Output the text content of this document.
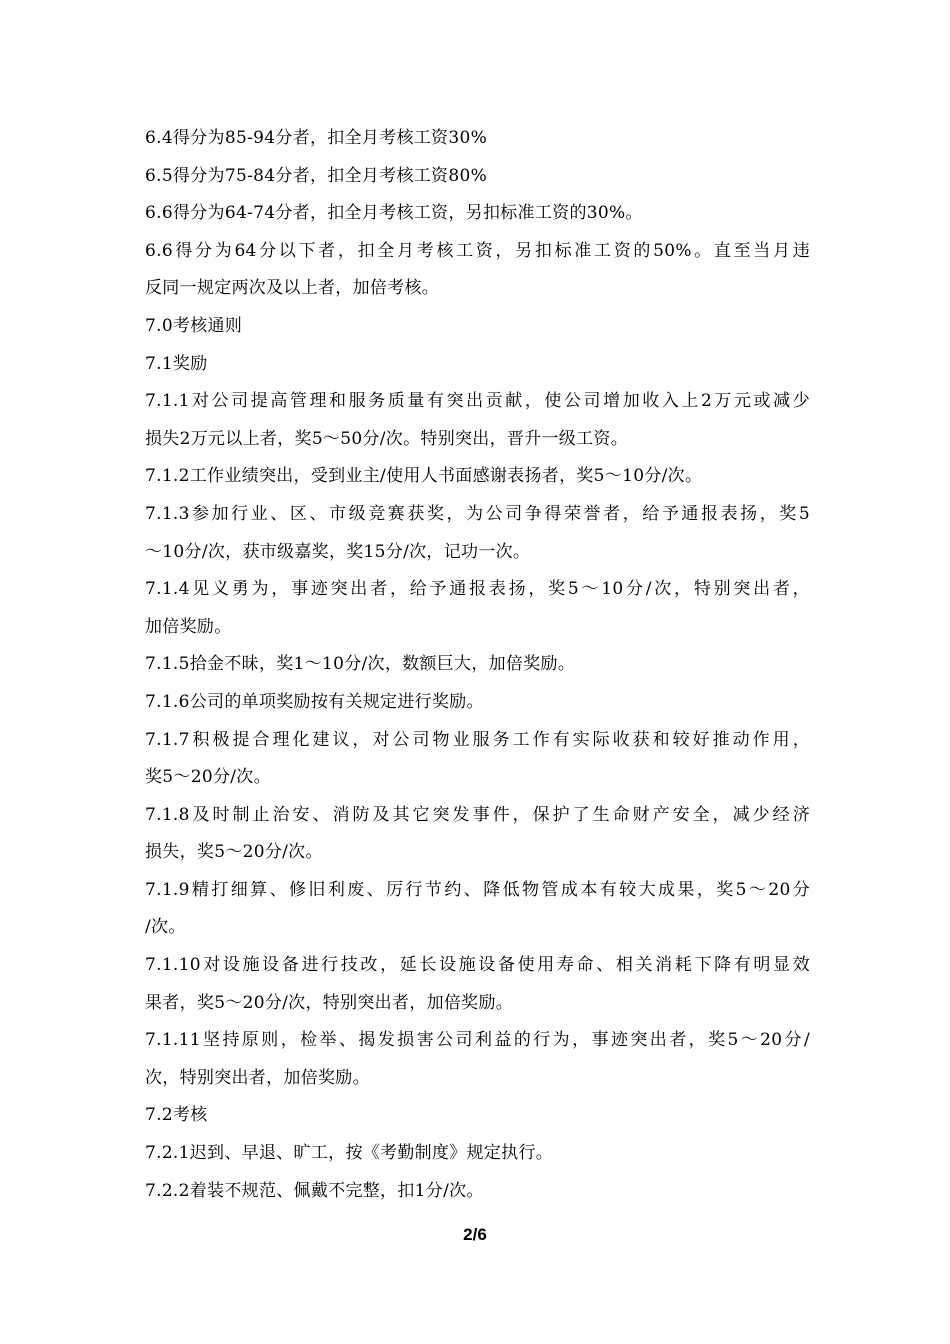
6.4得分为85-94分者，扣全月考核工资30%
6.5得分为75-84分者，扣全月考核工资80%
6.6得分为64-74分者，扣全月考核工资，另扣标准工资的30%。
6.6得分为64分以下者，扣全月考核工资，另扣标准工资的50%。直至当月违
反同一规定两次及以上者，加倍考核。
7.0考核通则
7.1奖励
7.1.1对公司提高管理和服务质量有突出贡献，使公司增加收入上2万元或减少
损失2万元以上者，奖5～50分/次。特别突出，晋升一级工资。
7.1.2工作业绩突出，受到业主/使用人书面感谢表扬者，奖5～10分/次。
7.1.3参加行业、区、市级竞赛获奖，为公司争得荣誉者，给予通报表扬，奖5
～10分/次，获市级嘉奖，奖15分/次，记功一次。
7.1.4见义勇为，事迹突出者，给予通报表扬，奖5～10分/次，特别突出者，
加倍奖励。
7.1.5拾金不昧，奖1～10分/次，数额巨大，加倍奖励。
7.1.6公司的单项奖励按有关规定进行奖励。
7.1.7积极提合理化建议，对公司物业服务工作有实际收获和较好推动作用，
奖5～20分/次。
7.1.8及时制止治安、消防及其它突发事件，保护了生命财产安全，减少经济
损失，奖5～20分/次。
7.1.9精打细算、修旧利废、厉行节约、降低物管成本有较大成果，奖5～20分
/次。
7.1.10对设施设备进行技改，延长设施设备使用寿命、相关消耗下降有明显效
果者，奖5～20分/次，特别突出者，加倍奖励。
7.1.11坚持原则，检举、揭发损害公司利益的行为，事迹突出者，奖5～20分/
次，特别突出者，加倍奖励。
7.2考核
7.2.1迟到、早退、旷工，按《考勤制度》规定执行。
7.2.2着装不规范、佩戴不完整，扣1分/次。
2/6
